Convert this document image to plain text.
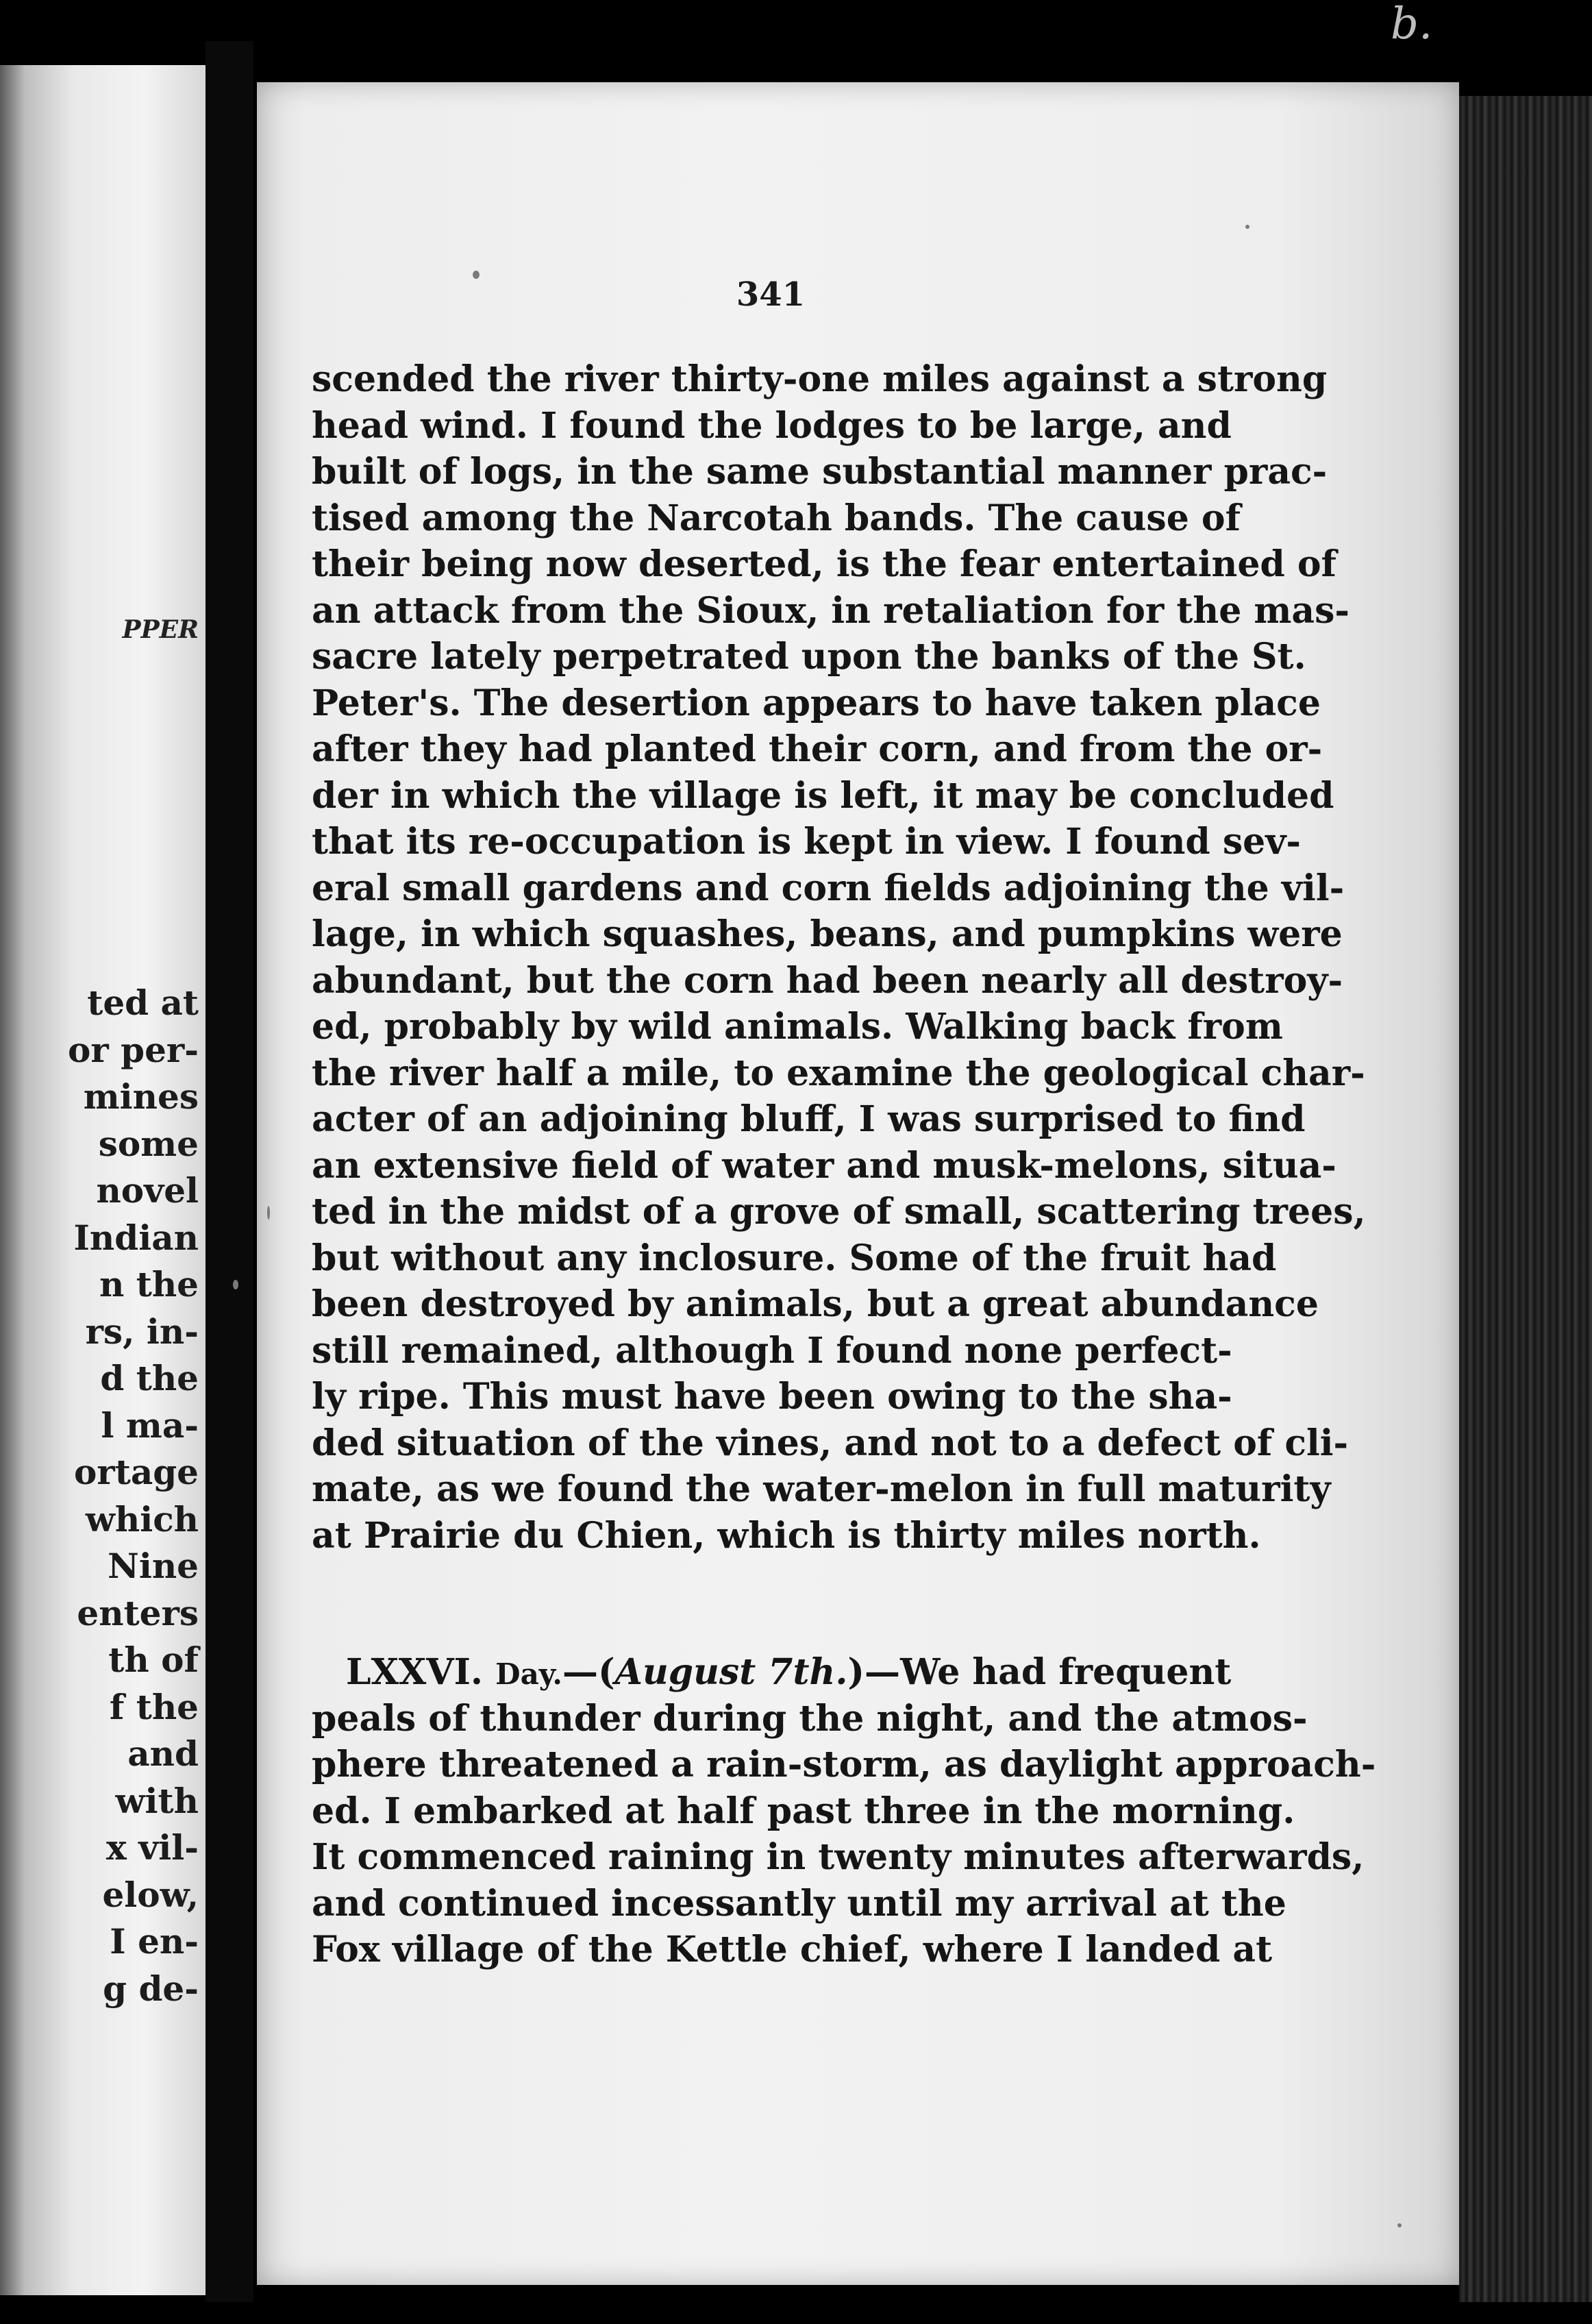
PPER
ted at
or per-
mines
some
novel
Indian
n the
rs, in-
d the
l ma-
ortage
which
Nine
enters
th of
f the
and
with
x vil-
elow,
I en-
g de-
b.
341
scended the river thirty-one miles against a strong
head wind. I found the lodges to be large, and
built of logs, in the same substantial manner prac-
tised among the Narcotah bands. The cause of
their being now deserted, is the fear entertained of
an attack from the Sioux, in retaliation for the mas-
sacre lately perpetrated upon the banks of the St.
Peter's. The desertion appears to have taken place
after they had planted their corn, and from the or-
der in which the village is left, it may be concluded
that its re-occupation is kept in view. I found sev-
eral small gardens and corn fields adjoining the vil-
lage, in which squashes, beans, and pumpkins were
abundant, but the corn had been nearly all destroy-
ed, probably by wild animals. Walking back from
the river half a mile, to examine the geological char-
acter of an adjoining bluff, I was surprised to find
an extensive field of water and musk-melons, situa-
ted in the midst of a grove of small, scattering trees,
but without any inclosure. Some of the fruit had
been destroyed by animals, but a great abundance
still remained, although I found none perfect-
ly ripe. This must have been owing to the sha-
ded situation of the vines, and not to a defect of cli-
mate, as we found the water-melon in full maturity
at Prairie du Chien, which is thirty miles north.
LXXVI. Day.—(August 7th.)—We had frequent
peals of thunder during the night, and the atmos-
phere threatened a rain-storm, as daylight approach-
ed. I embarked at half past three in the morning.
It commenced raining in twenty minutes afterwards,
and continued incessantly until my arrival at the
Fox village of the Kettle chief, where I landed at
